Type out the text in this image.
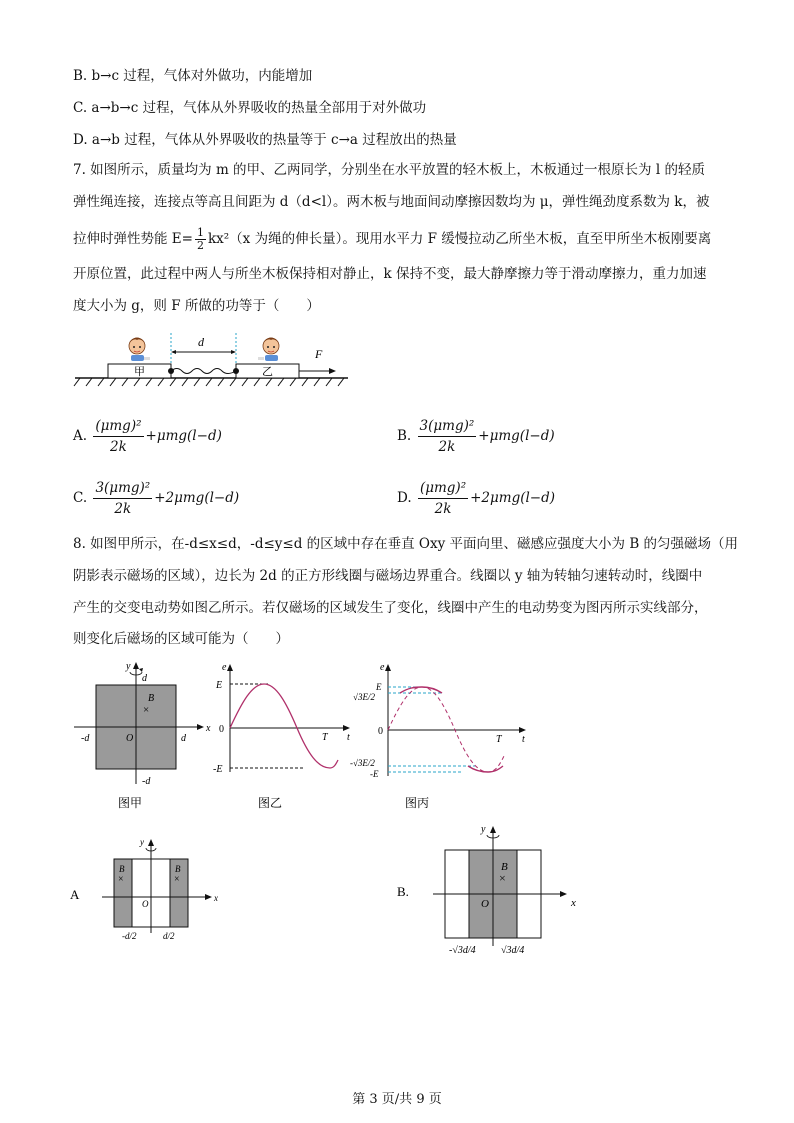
B. b→c 过程，气体对外做功，内能增加
C. a→b→c 过程，气体从外界吸收的热量全部用于对外做功
D. a→b 过程，气体从外界吸收的热量等于 c→a 过程放出的热量
7. 如图所示，质量均为 m 的甲、乙两同学，分别坐在水平放置的轻木板上，木板通过一根原长为 l 的轻质
弹性绳连接，连接点等高且间距为 d（d<l）。两木板与地面间动摩擦因数均为 μ，弹性绳劲度系数为 k，被
拉伸时弹性势能 $E= \frac{1}{2} kx^2(x$ 为绳的伸长量）。现用水平力 F 缓慢拉动乙所坐木板，直至甲所坐木板刚要离
开原位置，此过程中两人与所坐木板保持相对静止，k 保持不变，最大静摩擦力等于滑动摩擦力，重力加速
度大小为 g，则 F 所做的功等于（　　）
甲	乙
d
F
A. $\frac{\text{(μmg)²}}{2k} +\mu mg(l-d)$	B. $\frac{\text{3(μmg)²}}{2k} +\mu mg(l-d)$
C. $\frac{\text{3(μmg)²}}{2k} +2\mu mg(l-d)$	D. $\frac{\text{(μmg)²}}{2k} +2\mu mg(l-d)$
8. 如图甲所示，在-d≤x≤d，-d≤y≤d 的区域中存在垂直 Oxy 平面向里、磁感应强度大小为 B 的匀强磁场（用
阴影表示磁场的区域），边长为 2d 的正方形线圈与磁场边界重合。线圈以 y 轴为转轴匀速转动时，线圈中
产生的交变电动势如图乙所示。若仅磁场的区域发生了变化，线圈中产生的电动势变为图丙所示实线部分，
则变化后磁场的区域可能为（　　）
y
d
x
B
×
-d	O	d
-d
图甲
e
E
0
T t
-E
图乙
e
E
√3E/2
0
T t
-√3E/2
-E
图丙
A
y
x
B
×
B
×
O
-d/2	d/2
B.
y
x
B
×
O
-√3d/4	√3d/4
第 3 页/共 9 页
